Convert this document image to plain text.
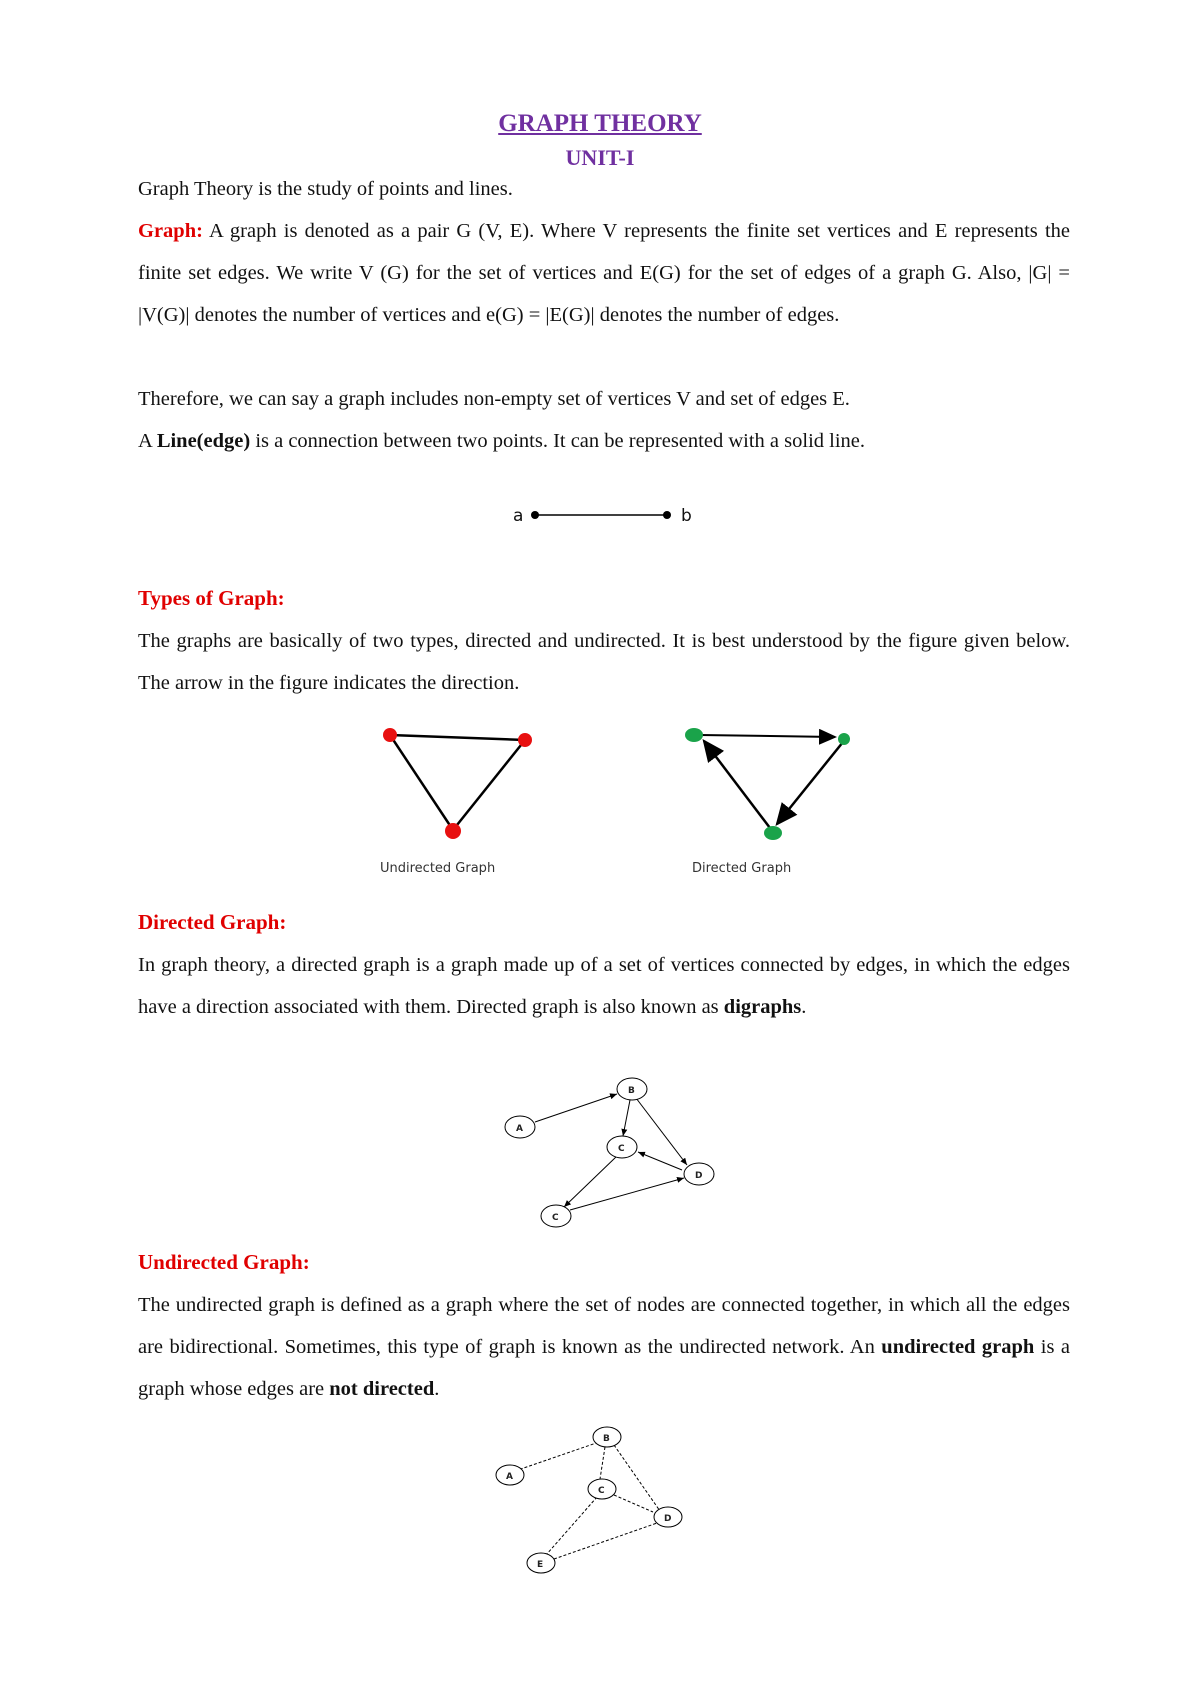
GRAPH THEORY
UNIT-I
Graph Theory is the study of points and lines.
Graph: A graph is denoted as a pair G (V, E). Where V represents the finite set vertices and E represents the finite set edges. We write V (G) for the set of vertices and E(G) for the set of edges of a graph G. Also, |G| = |V(G)| denotes the number of vertices and e(G) = |E(G)| denotes the number of edges.
Therefore, we can say a graph includes non-empty set of vertices V and set of edges E.
A Line(edge) is a connection between two points. It can be represented with a solid line.
a	b
Types of Graph:
The graphs are basically of two types, directed and undirected. It is best understood by the figure given below. The arrow in the figure indicates the direction.
Undirected Graph	Directed Graph
Directed Graph:
In graph theory, a directed graph is a graph made up of a set of vertices connected by edges, in which the edges have a direction associated with them. Directed graph is also known as digraphs.
A
B
C
D
C
Undirected Graph:
The undirected graph is defined as a graph where the set of nodes are connected together, in which all the edges are bidirectional. Sometimes, this type of graph is known as the undirected network. An undirected graph is a graph whose edges are not directed.
A
B
C
D
E
